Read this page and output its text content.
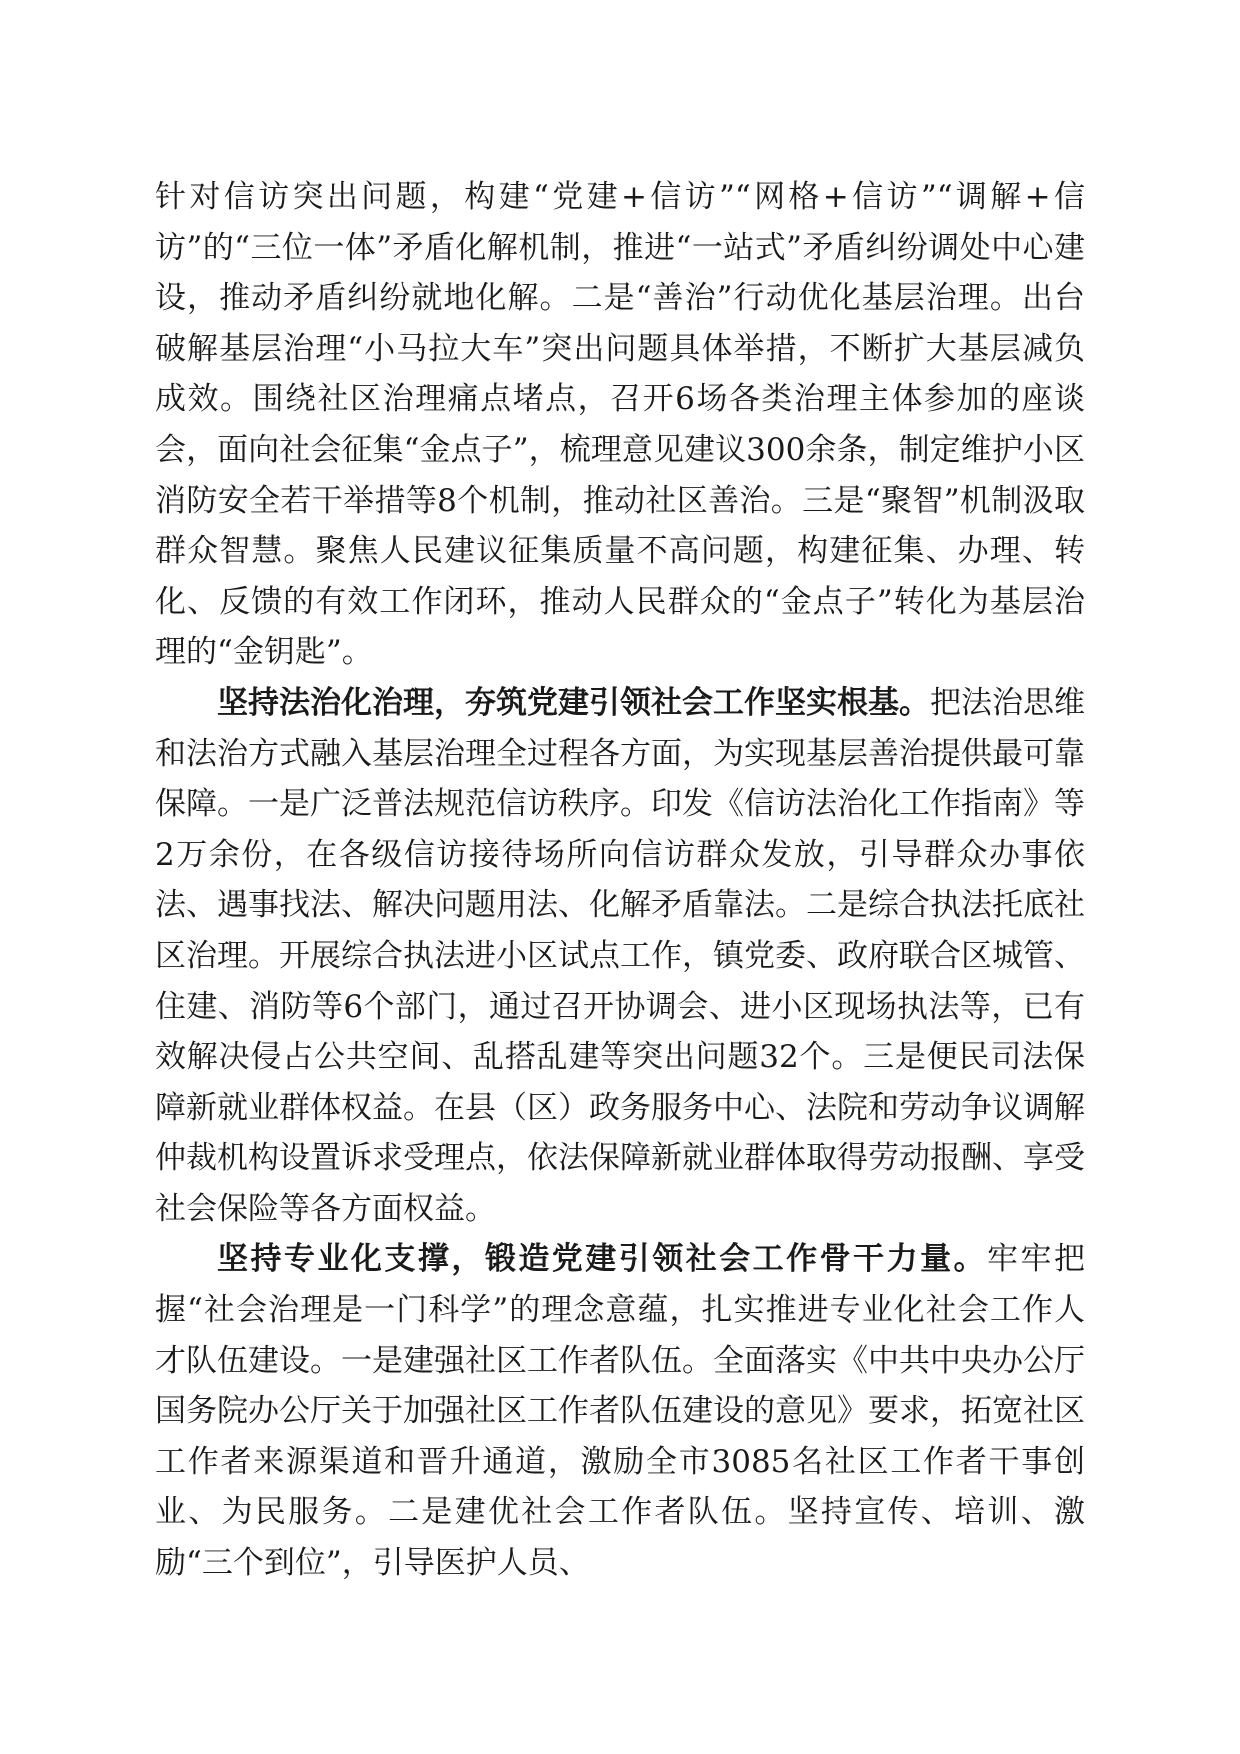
针对信访突出问题，构建“党建+信访”“网格+信访”“调解+信访”的“三位一体”矛盾化解机制，推进“一站式”矛盾纠纷调处中心建设，推动矛盾纠纷就地化解。二是“善治”行动优化基层治理。出台破解基层治理“小马拉大车”突出问题具体举措，不断扩大基层减负成效。围绕社区治理痛点堵点，召开6场各类治理主体参加的座谈会，面向社会征集“金点子”，梳理意见建议300余条，制定维护小区消防安全若干举措等8个机制，推动社区善治。三是“聚智”机制汲取群众智慧。聚焦人民建议征集质量不高问题，构建征集、办理、转化、反馈的有效工作闭环，推动人民群众的“金点子”转化为基层治理的“金钥匙”。

坚持法治化治理，夯筑党建引领社会工作坚实根基。把法治思维和法治方式融入基层治理全过程各方面，为实现基层善治提供最可靠保障。一是广泛普法规范信访秩序。印发《信访法治化工作指南》等2万余份，在各级信访接待场所向信访群众发放，引导群众办事依法、遇事找法、解决问题用法、化解矛盾靠法。二是综合执法托底社区治理。开展综合执法进小区试点工作，镇党委、政府联合区城管、住建、消防等6个部门，通过召开协调会、进小区现场执法等，已有效解决侵占公共空间、乱搭乱建等突出问题32个。三是便民司法保障新就业群体权益。在县（区）政务服务中心、法院和劳动争议调解仲裁机构设置诉求受理点，依法保障新就业群体取得劳动报酬、享受社会保险等各方面权益。

坚持专业化支撑，锻造党建引领社会工作骨干力量。牢牢把握“社会治理是一门科学”的理念意蕴，扎实推进专业化社会工作人才队伍建设。一是建强社区工作者队伍。全面落实《中共中央办公厅 国务院办公厅关于加强社区工作者队伍建设的意见》要求，拓宽社区工作者来源渠道和晋升通道，激励全市3085名社区工作者干事创业、为民服务。二是建优社会工作者队伍。坚持宣传、培训、激励“三个到位”，引导医护人员、
